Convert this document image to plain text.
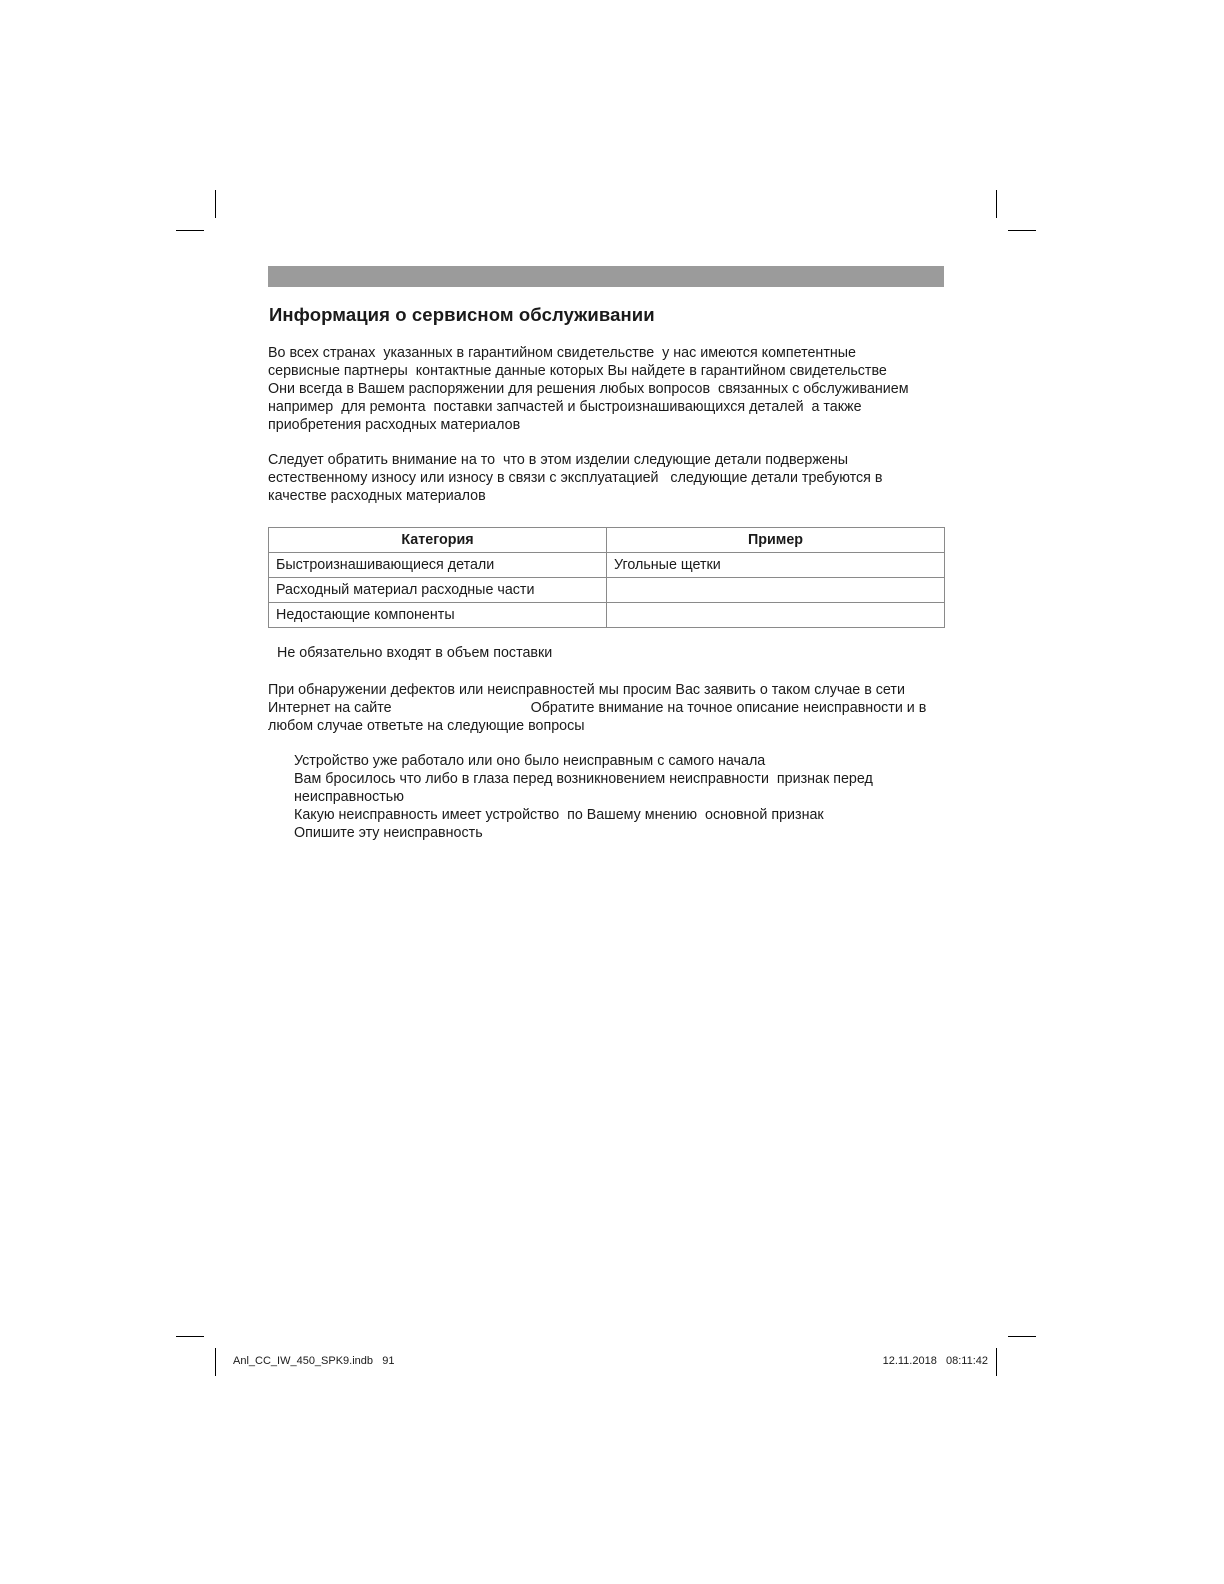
Информация о сервисном обслуживании

Во всех странах  указанных в гарантийном свидетельстве  у нас имеются компетентные
сервисные партнеры  контактные данные которых Вы найдете в гарантийном свидетельстве
Они всегда в Вашем распоряжении для решения любых вопросов  связанных с обслуживанием
например  для ремонта  поставки запчастей и быстроизнашивающихся деталей  а также
приобретения расходных материалов

Следует обратить внимание на то  что в этом изделии следующие детали подвержены
естественному износу или износу в связи с эксплуатацией   следующие детали требуются в
качестве расходных материалов

Категория	Пример
Быстроизнашивающиеся детали	Угольные щетки
Расходный материал расходные части	
Недостающие компоненты	

Не обязательно входят в объем поставки

При обнаружении дефектов или неисправностей мы просим Вас заявить о таком случае в сети
Интернет на сайте                                   Обратите внимание на точное описание неисправности и в
любом случае ответьте на следующие вопросы

Устройство уже работало или оно было неисправным с самого начала
Вам бросилось что либо в глаза перед возникновением неисправности  признак перед
неисправностью
Какую неисправность имеет устройство  по Вашему мнению  основной признак
Опишите эту неисправность

Anl_CC_IW_450_SPK9.indb   91	12.11.2018   08:11:42
